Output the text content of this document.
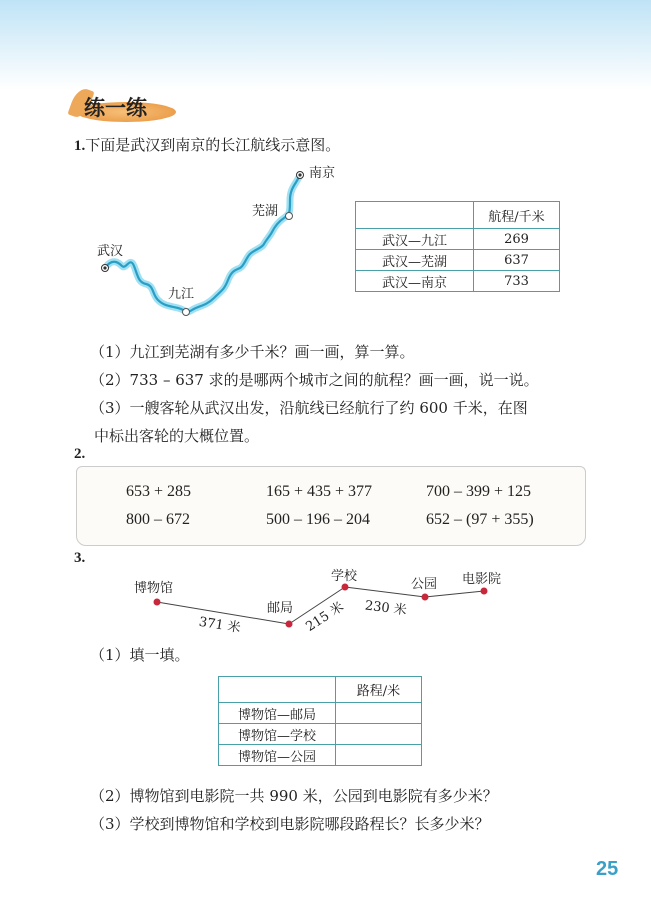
练一练
1.下面是武汉到南京的长江航线示意图。
武汉
九江
芜湖
南京
	航程/千米
武汉—九江	269
武汉—芜湖	637
武汉—南京	733
（1）九江到芜湖有多少千米？画一画，算一算。
（2）733 – 637 求的是哪两个城市之间的航程？画一画，说一说。
（3）一艘客轮从武汉出发，沿航线已经航行了约 600 千米，在图
中标出客轮的大概位置。
2.
653 + 285	165 + 435 + 377	700 – 399 + 125
800 – 672	500 – 196 – 204	652 – (97 + 355)
3.
博物馆
邮局
学校
公园 电影院
371 米	215 米 230 米
（1）填一填。
	路程/米
博物馆—邮局	
博物馆—学校	
博物馆—公园	
（2）博物馆到电影院一共 990 米，公园到电影院有多少米？
（3）学校到博物馆和学校到电影院哪段路程长？长多少米？
25
